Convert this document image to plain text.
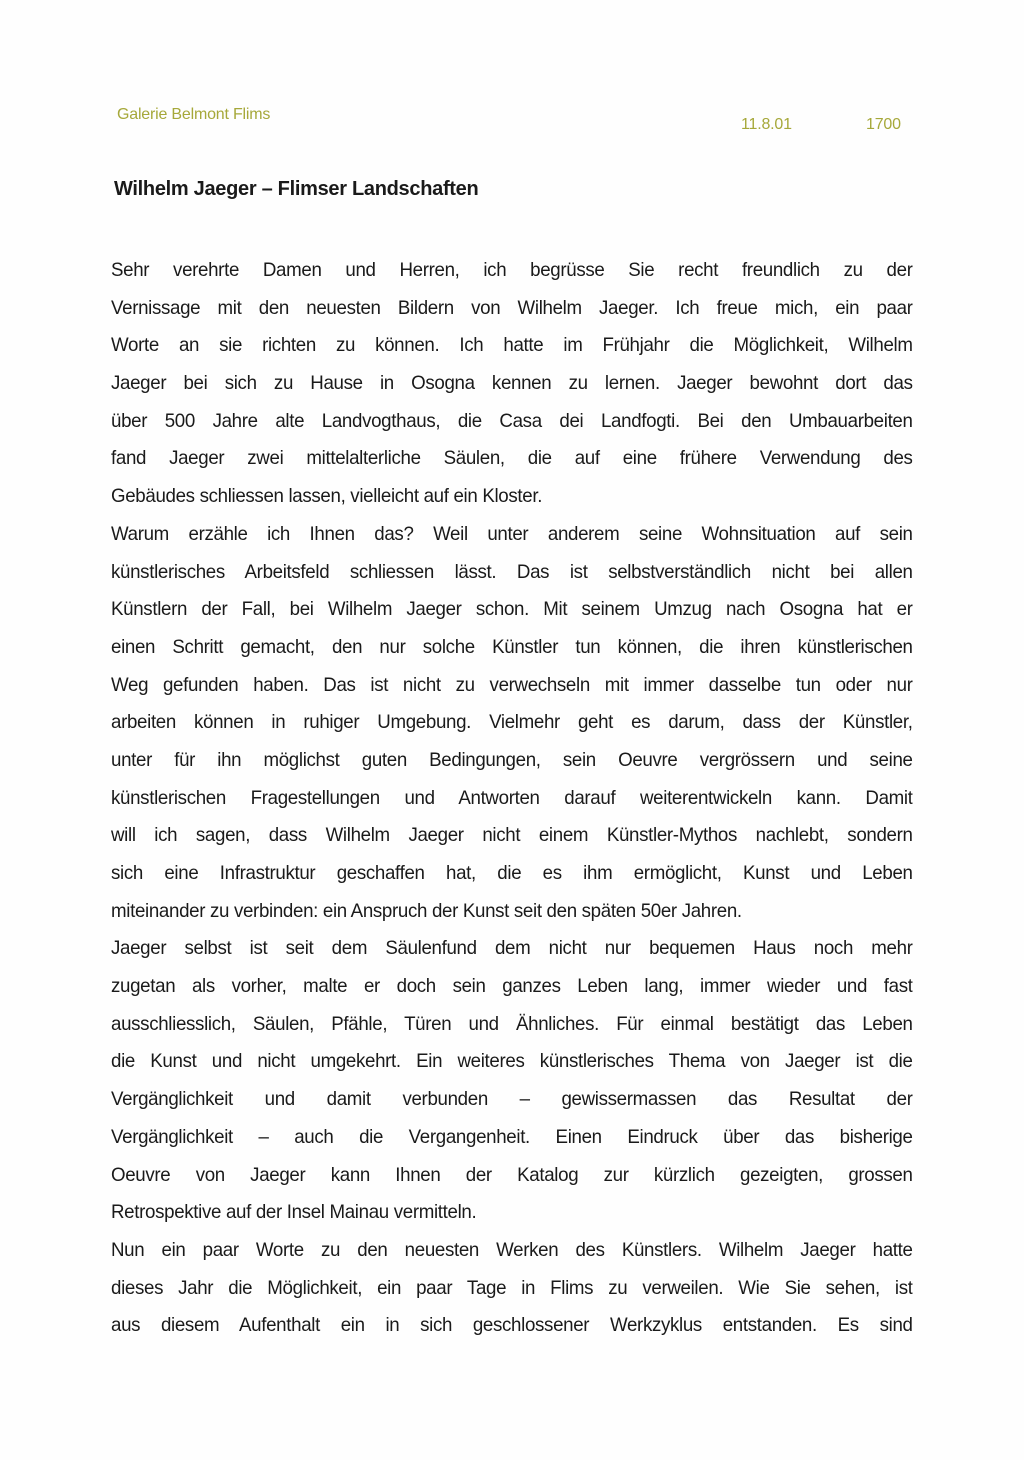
Galerie Belmont Flims
11.8.01	1700
Wilhelm Jaeger – Flimser Landschaften
Sehr verehrte Damen und Herren, ich begrüsse Sie recht freundlich zu der
Vernissage mit den neuesten Bildern von Wilhelm Jaeger. Ich freue mich, ein paar
Worte an sie richten zu können. Ich hatte im Frühjahr die Möglichkeit, Wilhelm
Jaeger bei sich zu Hause in Osogna kennen zu lernen. Jaeger bewohnt dort das
über 500 Jahre alte Landvogthaus, die Casa dei Landfogti. Bei den Umbauarbeiten
fand Jaeger zwei mittelalterliche Säulen, die auf eine frühere Verwendung des
Gebäudes schliessen lassen, vielleicht auf ein Kloster.
Warum erzähle ich Ihnen das? Weil unter anderem seine Wohnsituation auf sein
künstlerisches Arbeitsfeld schliessen lässt. Das ist selbstverständlich nicht bei allen
Künstlern der Fall, bei Wilhelm Jaeger schon. Mit seinem Umzug nach Osogna hat er
einen Schritt gemacht, den nur solche Künstler tun können, die ihren künstlerischen
Weg gefunden haben. Das ist nicht zu verwechseln mit immer dasselbe tun oder nur
arbeiten können in ruhiger Umgebung. Vielmehr geht es darum, dass der Künstler,
unter für ihn möglichst guten Bedingungen, sein Oeuvre vergrössern und seine
künstlerischen Fragestellungen und Antworten darauf weiterentwickeln kann. Damit
will ich sagen, dass Wilhelm Jaeger nicht einem Künstler-Mythos nachlebt, sondern
sich eine Infrastruktur geschaffen hat, die es ihm ermöglicht, Kunst und Leben
miteinander zu verbinden: ein Anspruch der Kunst seit den späten 50er Jahren.
Jaeger selbst ist seit dem Säulenfund dem nicht nur bequemen Haus noch mehr
zugetan als vorher, malte er doch sein ganzes Leben lang, immer wieder und fast
ausschliesslich, Säulen, Pfähle, Türen und Ähnliches. Für einmal bestätigt das Leben
die Kunst und nicht umgekehrt. Ein weiteres künstlerisches Thema von Jaeger ist die
Vergänglichkeit und damit verbunden – gewissermassen das Resultat der
Vergänglichkeit – auch die Vergangenheit. Einen Eindruck über das bisherige
Oeuvre von Jaeger kann Ihnen der Katalog zur kürzlich gezeigten, grossen
Retrospektive auf der Insel Mainau vermitteln.
Nun ein paar Worte zu den neuesten Werken des Künstlers. Wilhelm Jaeger hatte
dieses Jahr die Möglichkeit, ein paar Tage in Flims zu verweilen. Wie Sie sehen, ist
aus diesem Aufenthalt ein in sich geschlossener Werkzyklus entstanden. Es sind
